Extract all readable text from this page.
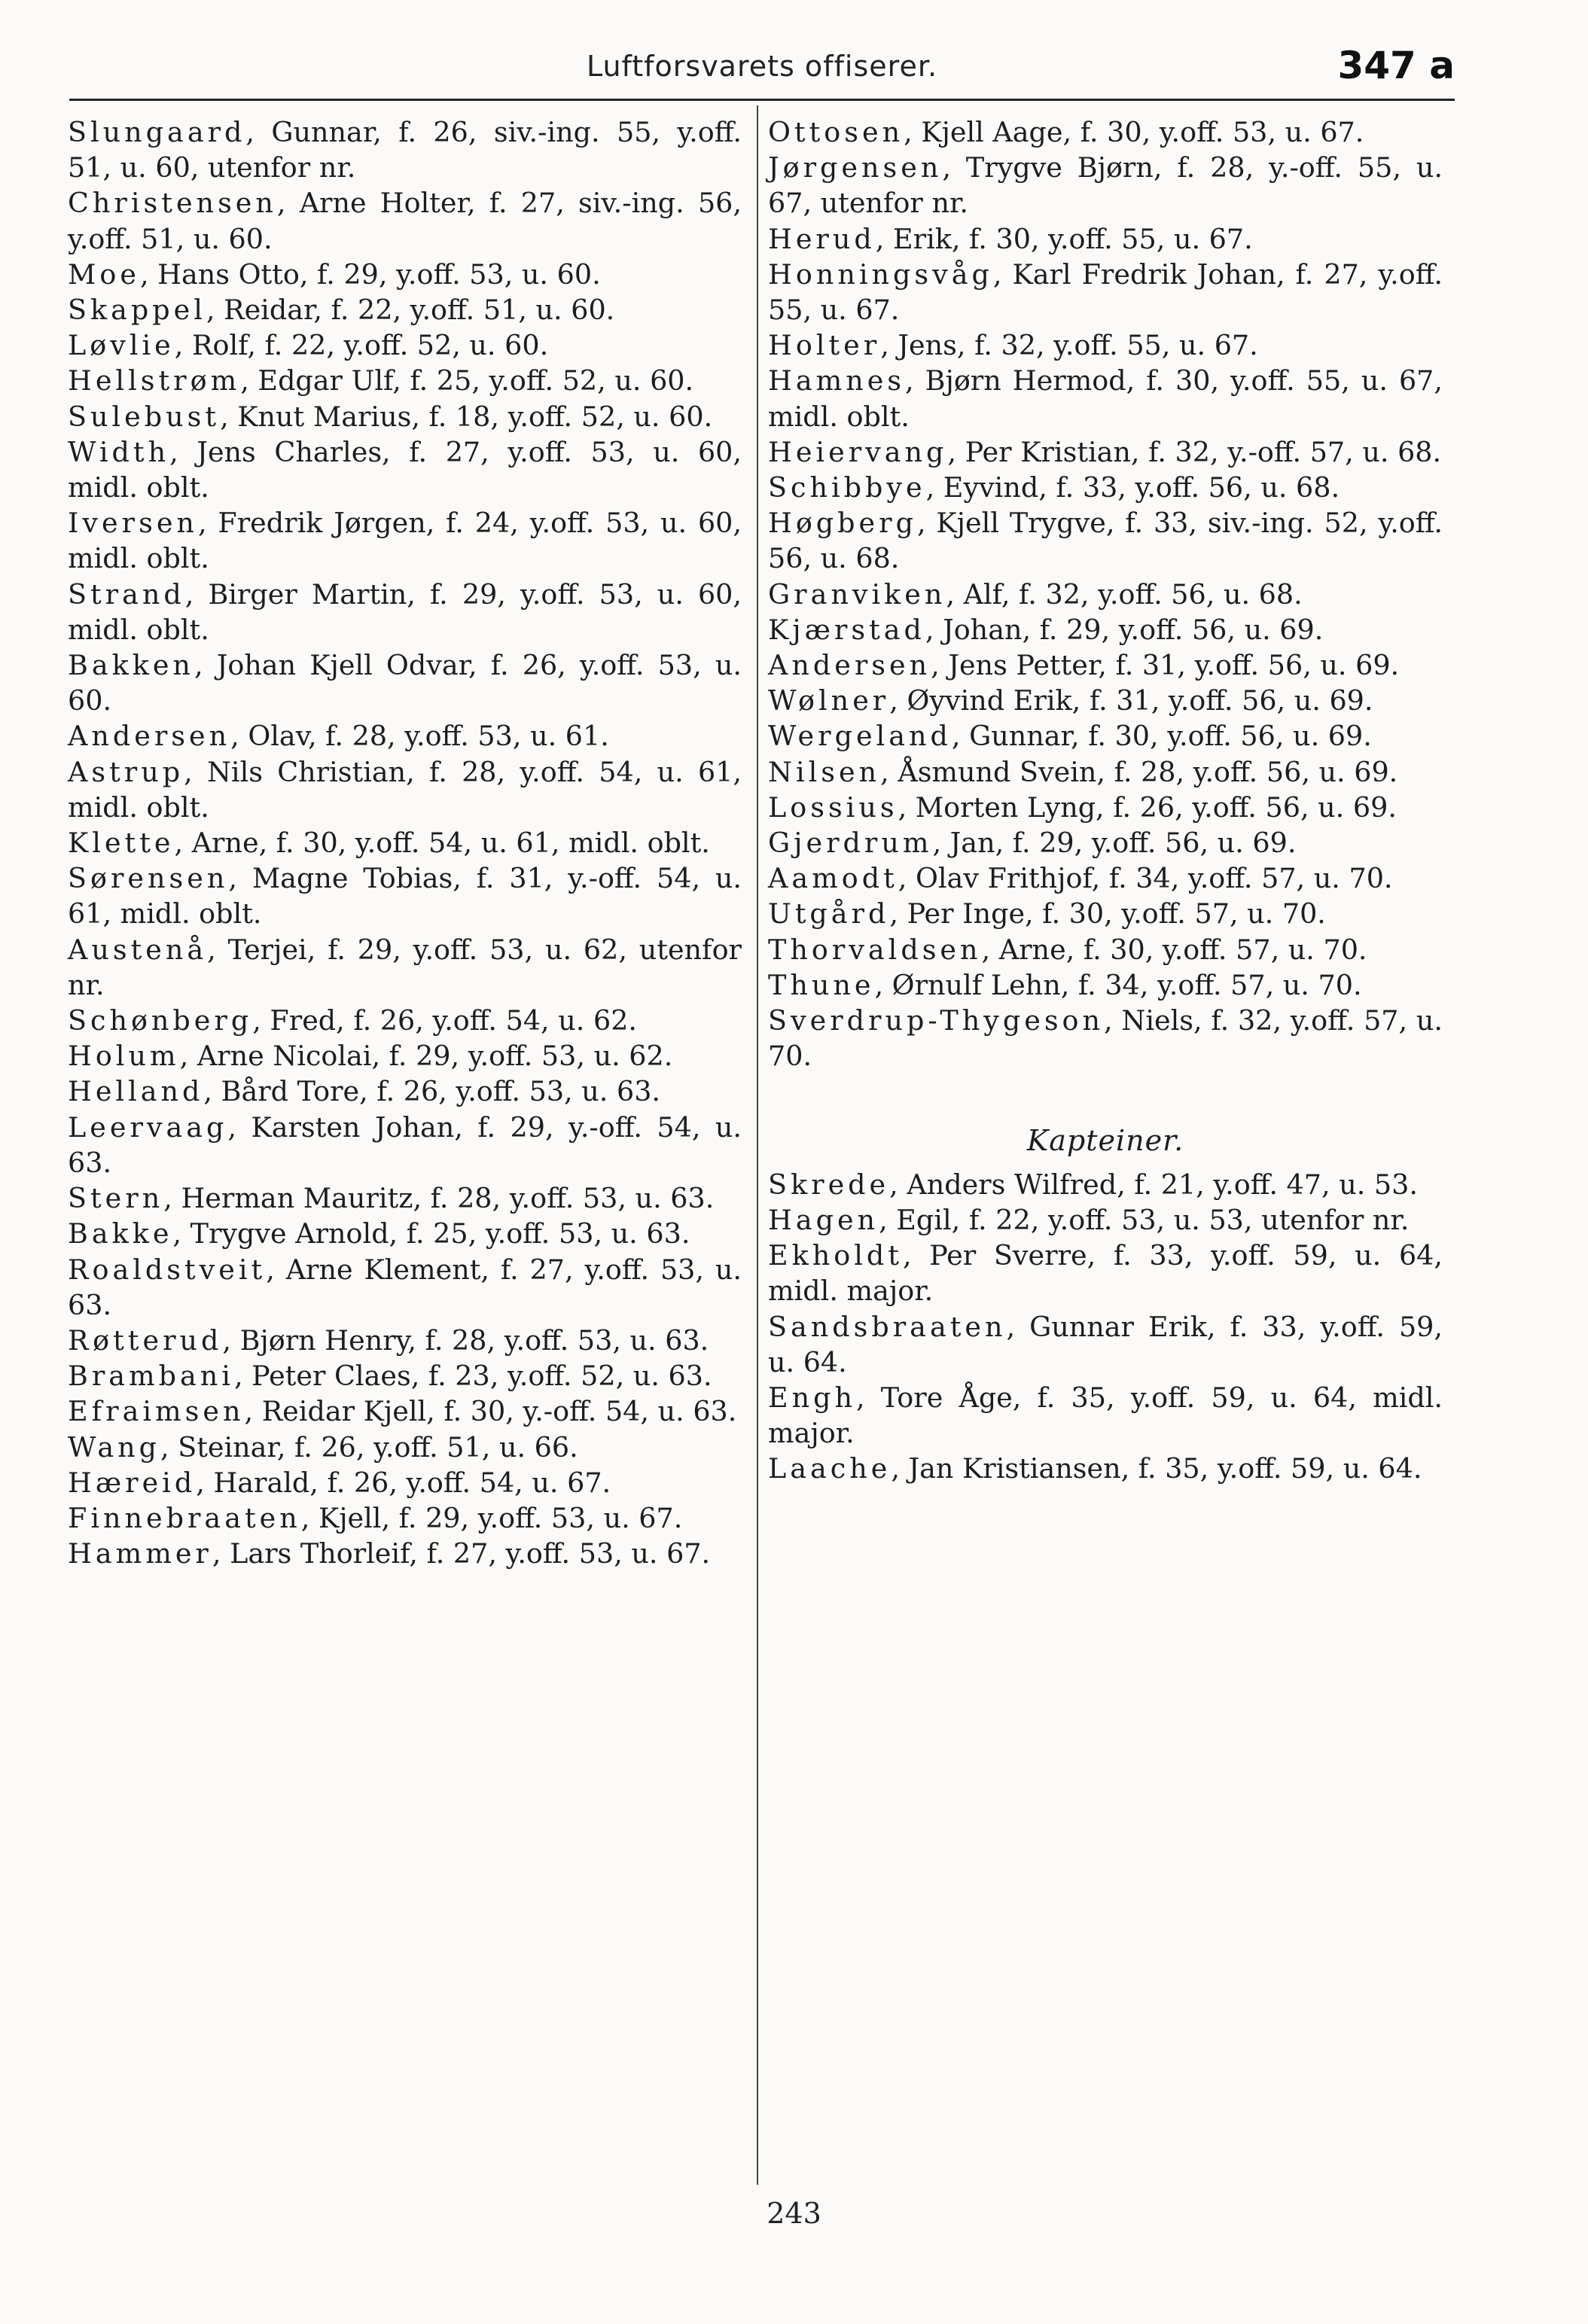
Luftforsvarets offiserer.	347 a
Slungaard, Gunnar, f. 26, siv.-ing. 55, y.off. 51, u. 60, utenfor nr.
Christensen, Arne Holter, f. 27, siv.-ing. 56, y.off. 51, u. 60.
Moe, Hans Otto, f. 29, y.off. 53, u. 60.
Skappel, Reidar, f. 22, y.off. 51, u. 60.
Løvlie, Rolf, f. 22, y.off. 52, u. 60.
Hellstrøm, Edgar Ulf, f. 25, y.off. 52, u. 60.
Sulebust, Knut Marius, f. 18, y.off. 52, u. 60.
Width, Jens Charles, f. 27, y.off. 53, u. 60, midl. oblt.
Iversen, Fredrik Jørgen, f. 24, y.off. 53, u. 60, midl. oblt.
Strand, Birger Martin, f. 29, y.off. 53, u. 60, midl. oblt.
Bakken, Johan Kjell Odvar, f. 26, y.off. 53, u. 60.
Andersen, Olav, f. 28, y.off. 53, u. 61.
Astrup, Nils Christian, f. 28, y.off. 54, u. 61, midl. oblt.
Klette, Arne, f. 30, y.off. 54, u. 61, midl. oblt.
Sørensen, Magne Tobias, f. 31, y.-off. 54, u. 61, midl. oblt.
Austenå, Terjei, f. 29, y.off. 53, u. 62, utenfor nr.
Schønberg, Fred, f. 26, y.off. 54, u. 62.
Holum, Arne Nicolai, f. 29, y.off. 53, u. 62.
Helland, Bård Tore, f. 26, y.off. 53, u. 63.
Leervaag, Karsten Johan, f. 29, y.-off. 54, u. 63.
Stern, Herman Mauritz, f. 28, y.off. 53, u. 63.
Bakke, Trygve Arnold, f. 25, y.off. 53, u. 63.
Roaldstveit, Arne Klement, f. 27, y.off. 53, u. 63.
Røtterud, Bjørn Henry, f. 28, y.off. 53, u. 63.
Brambani, Peter Claes, f. 23, y.off. 52, u. 63.
Efraimsen, Reidar Kjell, f. 30, y.-off. 54, u. 63.
Wang, Steinar, f. 26, y.off. 51, u. 66.
Hæreid, Harald, f. 26, y.off. 54, u. 67.
Finnebraaten, Kjell, f. 29, y.off. 53, u. 67.
Hammer, Lars Thorleif, f. 27, y.off. 53, u. 67.
Ottosen, Kjell Aage, f. 30, y.off. 53, u. 67.
Jørgensen, Trygve Bjørn, f. 28, y.-off. 55, u. 67, utenfor nr.
Herud, Erik, f. 30, y.off. 55, u. 67.
Honningsvåg, Karl Fredrik Johan, f. 27, y.off. 55, u. 67.
Holter, Jens, f. 32, y.off. 55, u. 67.
Hamnes, Bjørn Hermod, f. 30, y.off. 55, u. 67, midl. oblt.
Heiervang, Per Kristian, f. 32, y.-off. 57, u. 68.
Schibbye, Eyvind, f. 33, y.off. 56, u. 68.
Høgberg, Kjell Trygve, f. 33, siv.-ing. 52, y.off. 56, u. 68.
Granviken, Alf, f. 32, y.off. 56, u. 68.
Kjærstad, Johan, f. 29, y.off. 56, u. 69.
Andersen, Jens Petter, f. 31, y.off. 56, u. 69.
Wølner, Øyvind Erik, f. 31, y.off. 56, u. 69.
Wergeland, Gunnar, f. 30, y.off. 56, u. 69.
Nilsen, Åsmund Svein, f. 28, y.off. 56, u. 69.
Lossius, Morten Lyng, f. 26, y.off. 56, u. 69.
Gjerdrum, Jan, f. 29, y.off. 56, u. 69.
Aamodt, Olav Frithjof, f. 34, y.off. 57, u. 70.
Utgård, Per Inge, f. 30, y.off. 57, u. 70.
Thorvaldsen, Arne, f. 30, y.off. 57, u. 70.
Thune, Ørnulf Lehn, f. 34, y.off. 57, u. 70.
Sverdrup-Thygeson, Niels, f. 32, y.off. 57, u. 70.
Kapteiner.
Skrede, Anders Wilfred, f. 21, y.off. 47, u. 53.
Hagen, Egil, f. 22, y.off. 53, u. 53, utenfor nr.
Ekholdt, Per Sverre, f. 33, y.off. 59, u. 64, midl. major.
Sandsbraaten, Gunnar Erik, f. 33, y.off. 59, u. 64.
Engh, Tore Åge, f. 35, y.off. 59, u. 64, midl. major.
Laache, Jan Kristiansen, f. 35, y.off. 59, u. 64.
243
